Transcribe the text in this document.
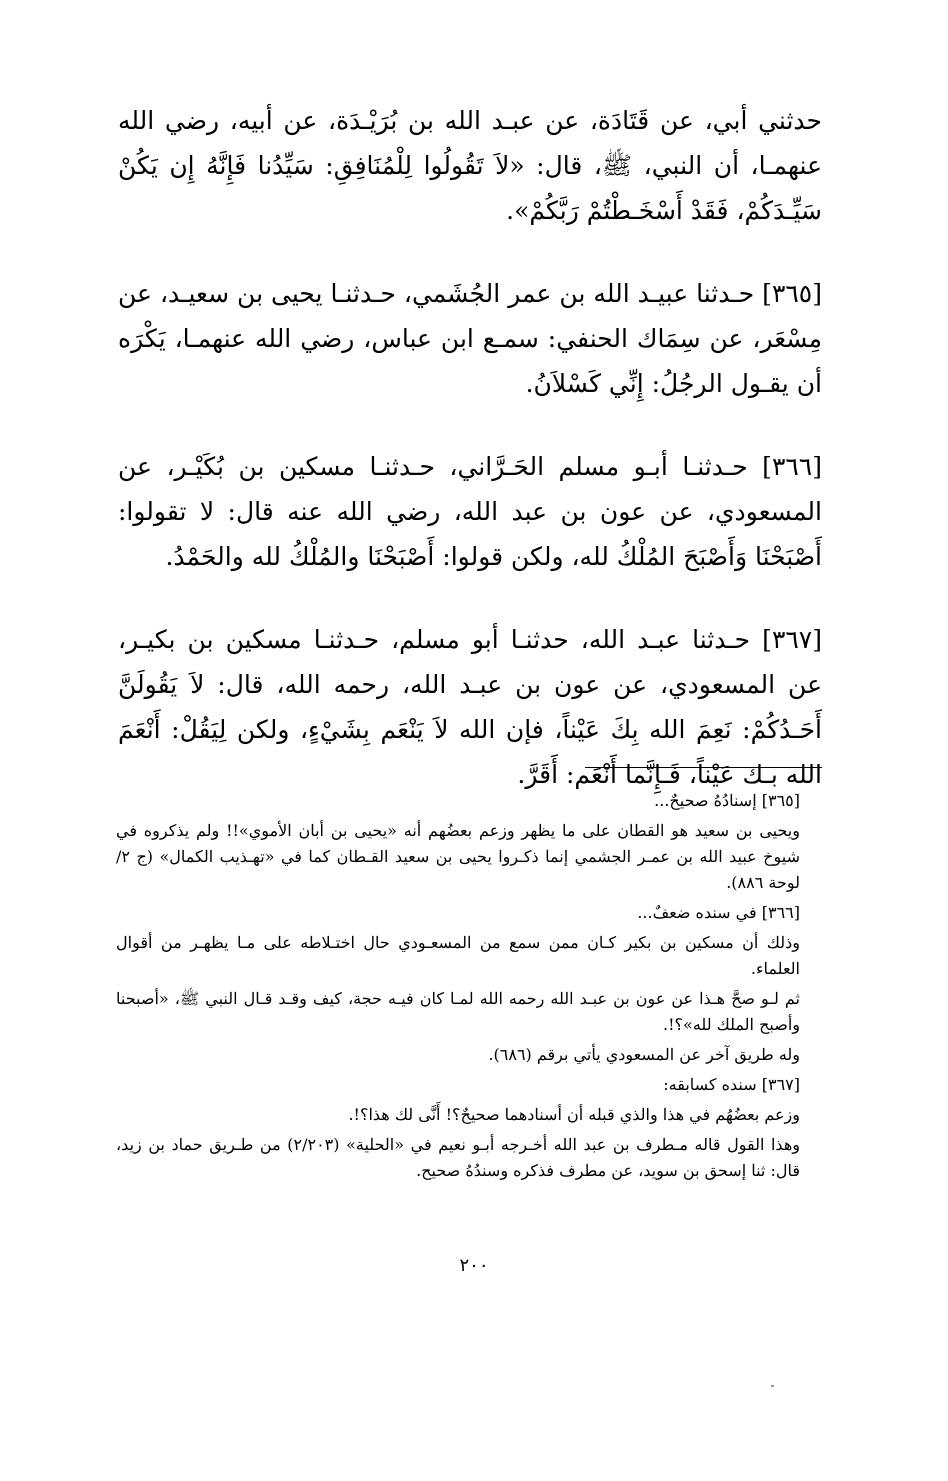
حدثني أبي، عن قَتَادَة، عن عبـد الله بن بُرَيْـدَة، عن أبيه، رضي الله عنهمـا، أن النبي، ﷺ، قال: «لاَ تَقُولُوا لِلْمُنَافِقِ: سَيِّدُنا فَإِنَّهُ إِن يَكُنْ سَيِّـدَكُمْ، فَقَدْ أَسْخَـطْتُمْ رَبَّكُمْ».

[٣٦٥] حـدثنا عبيـد الله بن عمر الجُشَمي، حـدثنـا يحيى بن سعيـد، عن مِسْعَر، عن سِمَاك الحنفي: سمـع ابن عباس، رضي الله عنهمـا، يَكْرَه أن يقـول الرجُلُ: إِنِّي كَسْلاَنُ.

[٣٦٦] حـدثنـا أبـو مسلم الحَـرَّاني، حـدثنـا مسكين بن بُكَيْـر، عن المسعودي، عن عون بن عبد الله، رضي الله عنه قال: لا تقولوا: أَصْبَحْنَا وَأَصْبَحَ المُلْكُ لله، ولكن قولوا: أَصْبَحْنَا والمُلْكُ لله والحَمْدُ.

[٣٦٧] حـدثنا عبـد الله، حدثنـا أبو مسلم، حـدثنـا مسكين بن بكيـر، عن المسعودي، عن عون بن عبـد الله، رحمه الله، قال: لاَ يَقُولَنَّ أَحَـدُكُمْ: نَعِمَ الله بِكَ عَيْناً، فإن الله لاَ يَنْعَم بِشَيْءٍ، ولكن لِيَقُلْ: أَنْعَمَ الله بـك عَيْناً، فَـإِنَّما أَنْعَم: أَقَرَّ.

[٣٦٥] إسنادُهُ صحيحٌ...

ويحيى بن سعيد هو القطان على ما يظهر وزعم بعضُهم أنه «يحيى بن أبان الأموي»!! ولم يذكروه في شيوخ عبيد الله بن عمـر الجشمي إنما ذكـروا يحيى بن سعيد القـطان كما في «تهـذيب الكمال» (ج ٢/لوحة ٨٨٦).

[٣٦٦] في سنده ضعفٌ...

وذلك أن مسكين بن بكير كـان ممن سمع من المسعـودي حال اختـلاطه على مـا يظهـر من أقوال العلماء.

ثم لـو صحَّ هـذا عن عون بن عبـد الله رحمه الله لمـا كان فيـه حجة، كيف وقـد قـال النبي ﷺ، «أصبحنا وأصبح الملك لله»؟!.

وله طريق آخر عن المسعودي يأتي برقم (٦٨٦).

[٣٦٧] سنده كسابقه:

وزعم بعضُهُم في هذا والذي قبله أن أسنادهما صحيحٌ؟! أَنَّى لك هذا؟!.

وهذا القول قاله مـطرف بن عبد الله أخـرجه أبـو نعيم في «الحلية» (٢/٢٠٣) من طـريق حماد بن زيد، قال: ثنا إسحق بن سويد، عن مطرف فذكره وسندُهُ صحيح.

٢٠٠
